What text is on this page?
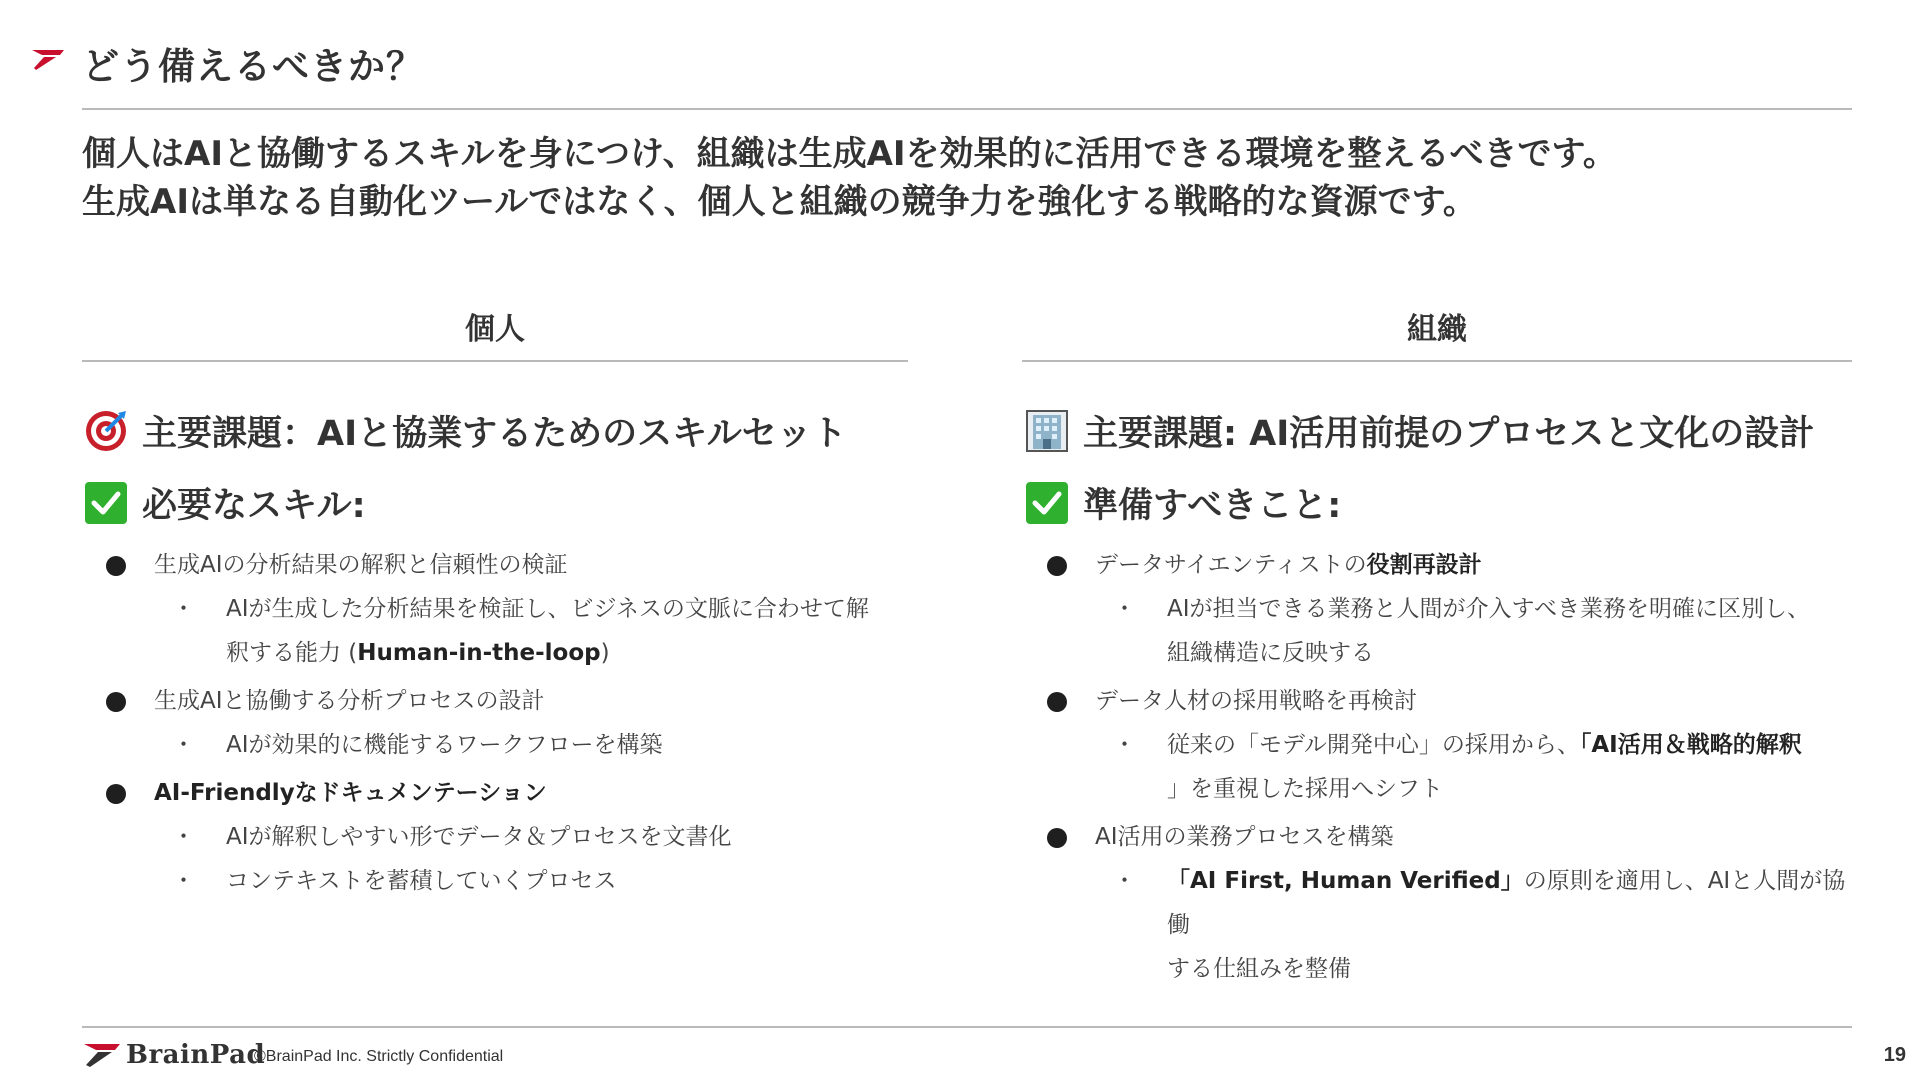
どう備えるべきか？
個人はAIと協働するスキルを身につけ、組織は生成AIを効果的に活用できる環境を整えるべきです。
生成AIは単なる自動化ツールではなく、個人と組織の競争力を強化する戦略的な資源です。
個人	組織
主要課題：AIと協業するためのスキルセット
必要なスキル:
生成AIの分析結果の解釈と信頼性の検証
・ AIが生成した分析結果を検証し、ビジネスの文脈に合わせて解
釈する能力 (Human-in-the-loop)
生成AIと協働する分析プロセスの設計
・ AIが効果的に機能するワークフローを構築
AI-Friendlyなドキュメンテーション
・ AIが解釈しやすい形でデータ＆プロセスを文書化
・ コンテキストを蓄積していくプロセス
主要課題: AI活用前提のプロセスと文化の設計
準備すべきこと:
データサイエンティストの役割再設計
・ AIが担当できる業務と人間が介入すべき業務を明確に区別し、
組織構造に反映する
データ人材の採用戦略を再検討
・ 従来の「モデル開発中心」の採用から、「AI活用＆戦略的解釈
」を重視した採用へシフト
AI活用の業務プロセスを構築
・ 「AI First, Human Verified」の原則を適用し、AIと人間が協働
する仕組みを整備
BrainPad
©BrainPad Inc. Strictly Confidential	19
